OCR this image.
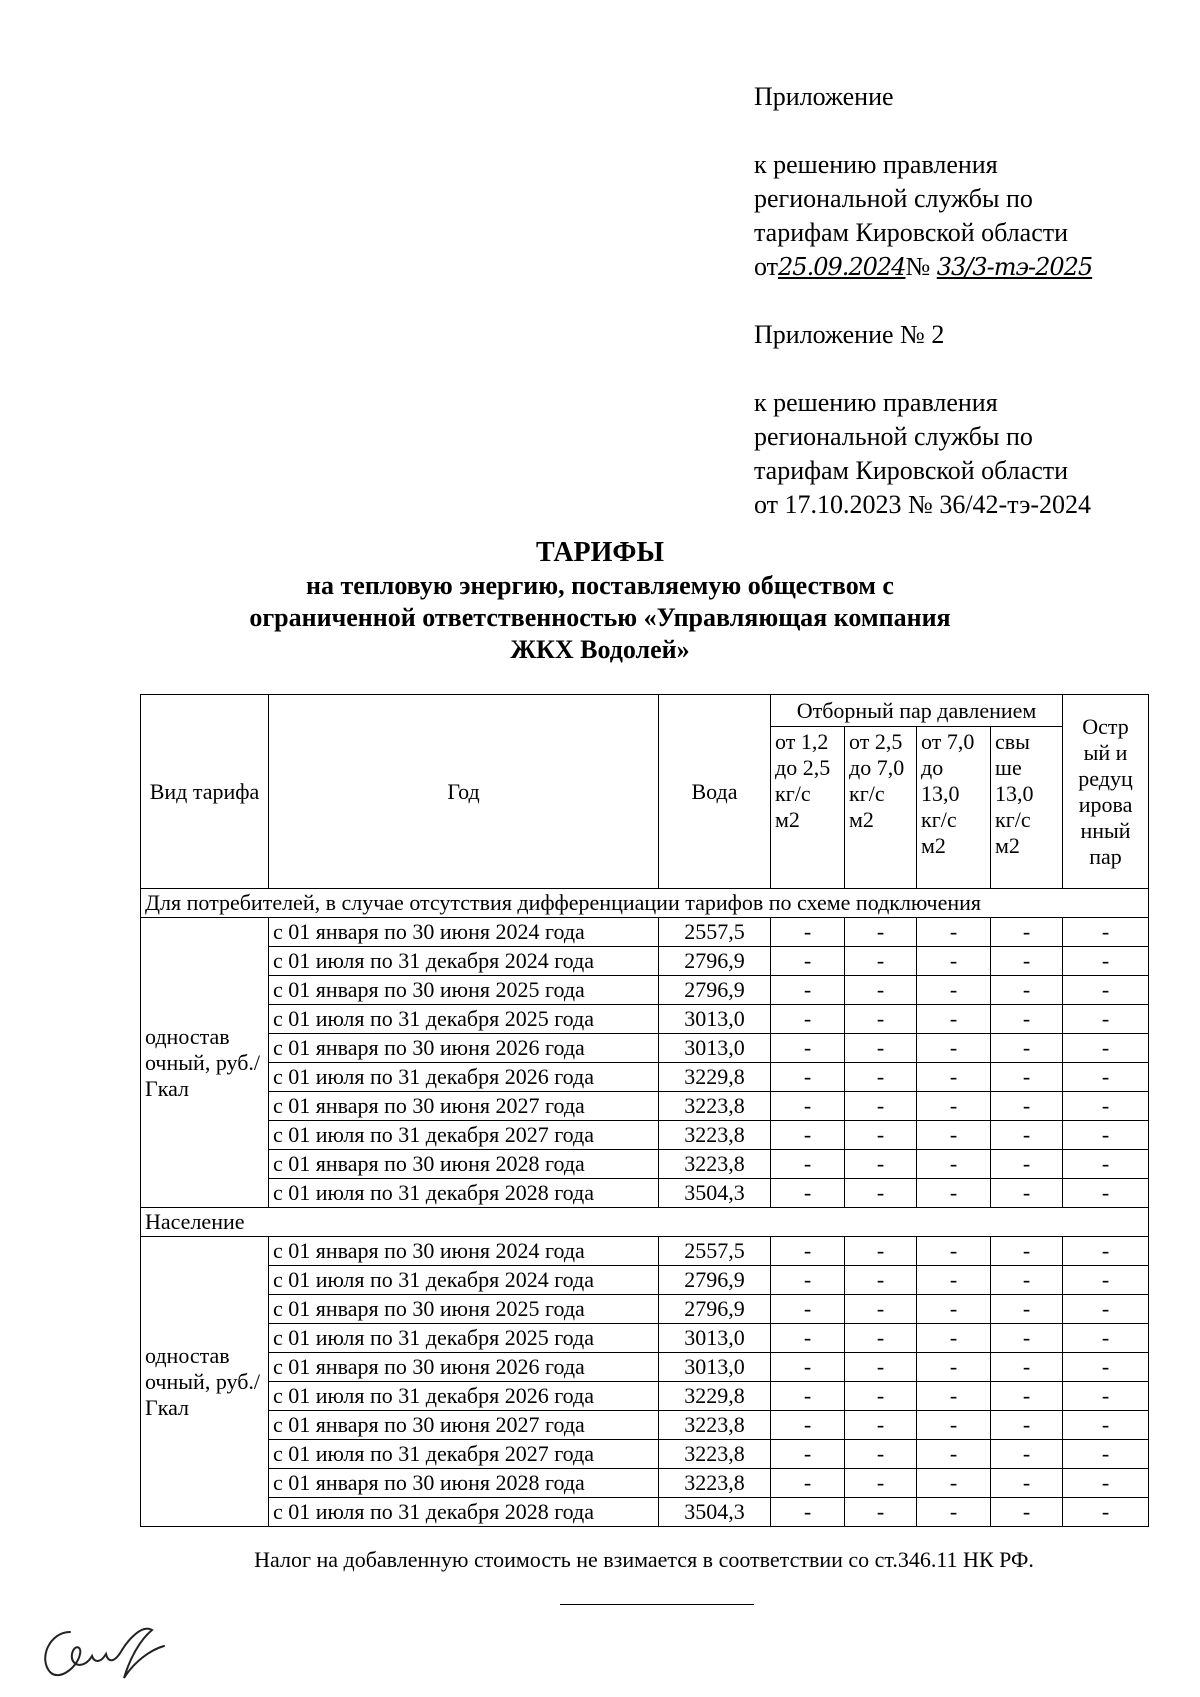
Приложение
к решению правления
региональной службы по
тарифам Кировской области
от25.09.2024№ 33/3-тэ-2025
Приложение № 2
к решению правления
региональной службы по
тарифам Кировской области
от 17.10.2023 № 36/42-тэ-2024
ТАРИФЫ
на тепловую энергию, поставляемую обществом с
ограниченной ответственностью «Управляющая компания
ЖКХ Водолей»
Вид тарифа	Год	Вода	Отборный пар давлением				Остр ый и редуц ирова нный пар
			от 1,2 до 2,5 кг/с м2	от 2,5 до 7,0 кг/с м2	от 7,0 до 13,0 кг/с м2	свы ше 13,0 кг/с м2	
Для потребителей, в случае отсутствия дифференциации тарифов по схеме подключения							
одностав очный, руб./Гкал	с 01 января по 30 июня 2024 года	2557,5	-	-	-	-	-
	с 01 июля по 31 декабря 2024 года	2796,9	-	-	-	-	-
	с 01 января по 30 июня 2025 года	2796,9	-	-	-	-	-
	с 01 июля по 31 декабря 2025 года	3013,0	-	-	-	-	-
	с 01 января по 30 июня 2026 года	3013,0	-	-	-	-	-
	с 01 июля по 31 декабря 2026 года	3229,8	-	-	-	-	-
	с 01 января по 30 июня 2027 года	3223,8	-	-	-	-	-
	с 01 июля по 31 декабря 2027 года	3223,8	-	-	-	-	-
	с 01 января по 30 июня 2028 года	3223,8	-	-	-	-	-
	с 01 июля по 31 декабря 2028 года	3504,3	-	-	-	-	-
Население							
одностав очный, руб./Гкал	с 01 января по 30 июня 2024 года	2557,5	-	-	-	-	-
	с 01 июля по 31 декабря 2024 года	2796,9	-	-	-	-	-
	с 01 января по 30 июня 2025 года	2796,9	-	-	-	-	-
	с 01 июля по 31 декабря 2025 года	3013,0	-	-	-	-	-
	с 01 января по 30 июня 2026 года	3013,0	-	-	-	-	-
	с 01 июля по 31 декабря 2026 года	3229,8	-	-	-	-	-
	с 01 января по 30 июня 2027 года	3223,8	-	-	-	-	-
	с 01 июля по 31 декабря 2027 года	3223,8	-	-	-	-	-
	с 01 января по 30 июня 2028 года	3223,8	-	-	-	-	-
	с 01 июля по 31 декабря 2028 года	3504,3	-	-	-	-	-
Налог на добавленную стоимость не взимается в соответствии со ст.346.11 НК РФ.
